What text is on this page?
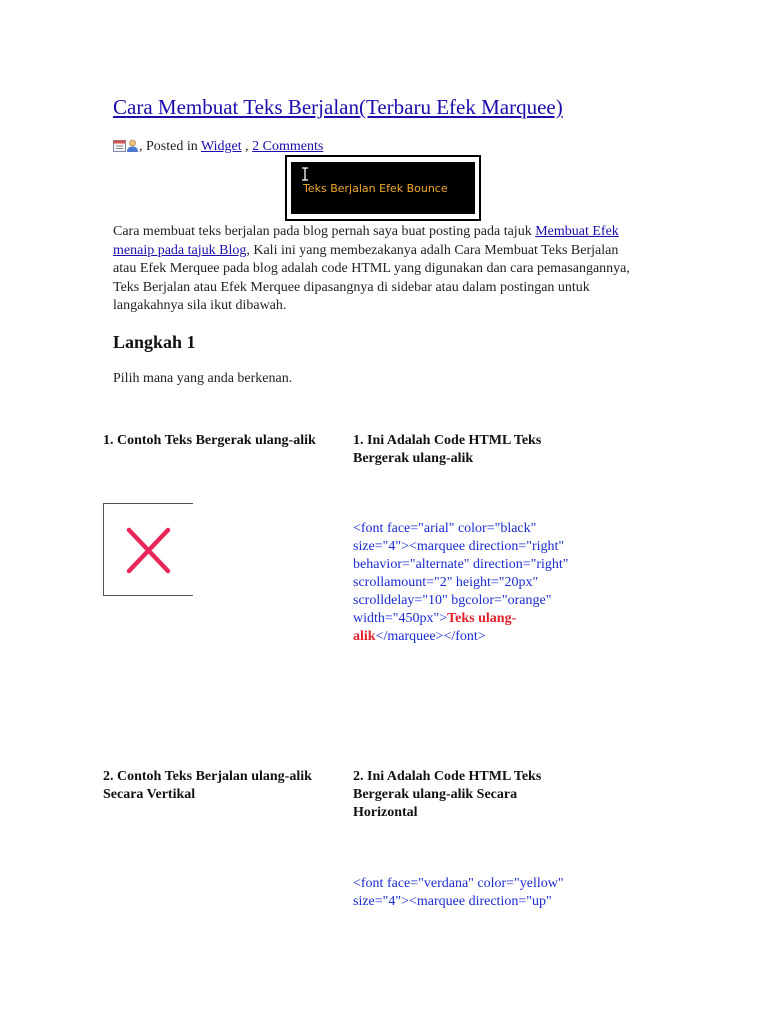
Cara Membuat Teks Berjalan(Terbaru Efek Marquee)
, Posted in Widget , 2 Comments
Teks Berjalan Efek Bounce
Cara membuat teks berjalan pada blog pernah saya buat posting pada tajuk Membuat Efek menaip pada tajuk Blog, Kali ini yang membezakanya adalh Cara Membuat Teks Berjalan atau Efek Merquee pada blog adalah code HTML yang digunakan dan cara pemasangannya, Teks Berjalan atau Efek Merquee dipasangnya di sidebar atau dalam postingan untuk langakahnya sila ikut dibawah.
Langkah 1
Pilih mana yang anda berkenan.
1. Contoh Teks Bergerak ulang-alik	1. Ini Adalah Code HTML Teks Bergerak ulang-alik
<font face="arial" color="black" size="4"><marquee direction="right" behavior="alternate" direction="right" scrollamount="2" height="20px" scrolldelay="10" bgcolor="orange" width="450px">Teks ulang-alik</marquee></font>
2. Contoh Teks Berjalan ulang-alik Secara Vertikal
2. Ini Adalah Code HTML Teks Bergerak ulang-alik Secara Horizontal
<font face="verdana" color="yellow" size="4"><marquee direction="up"
